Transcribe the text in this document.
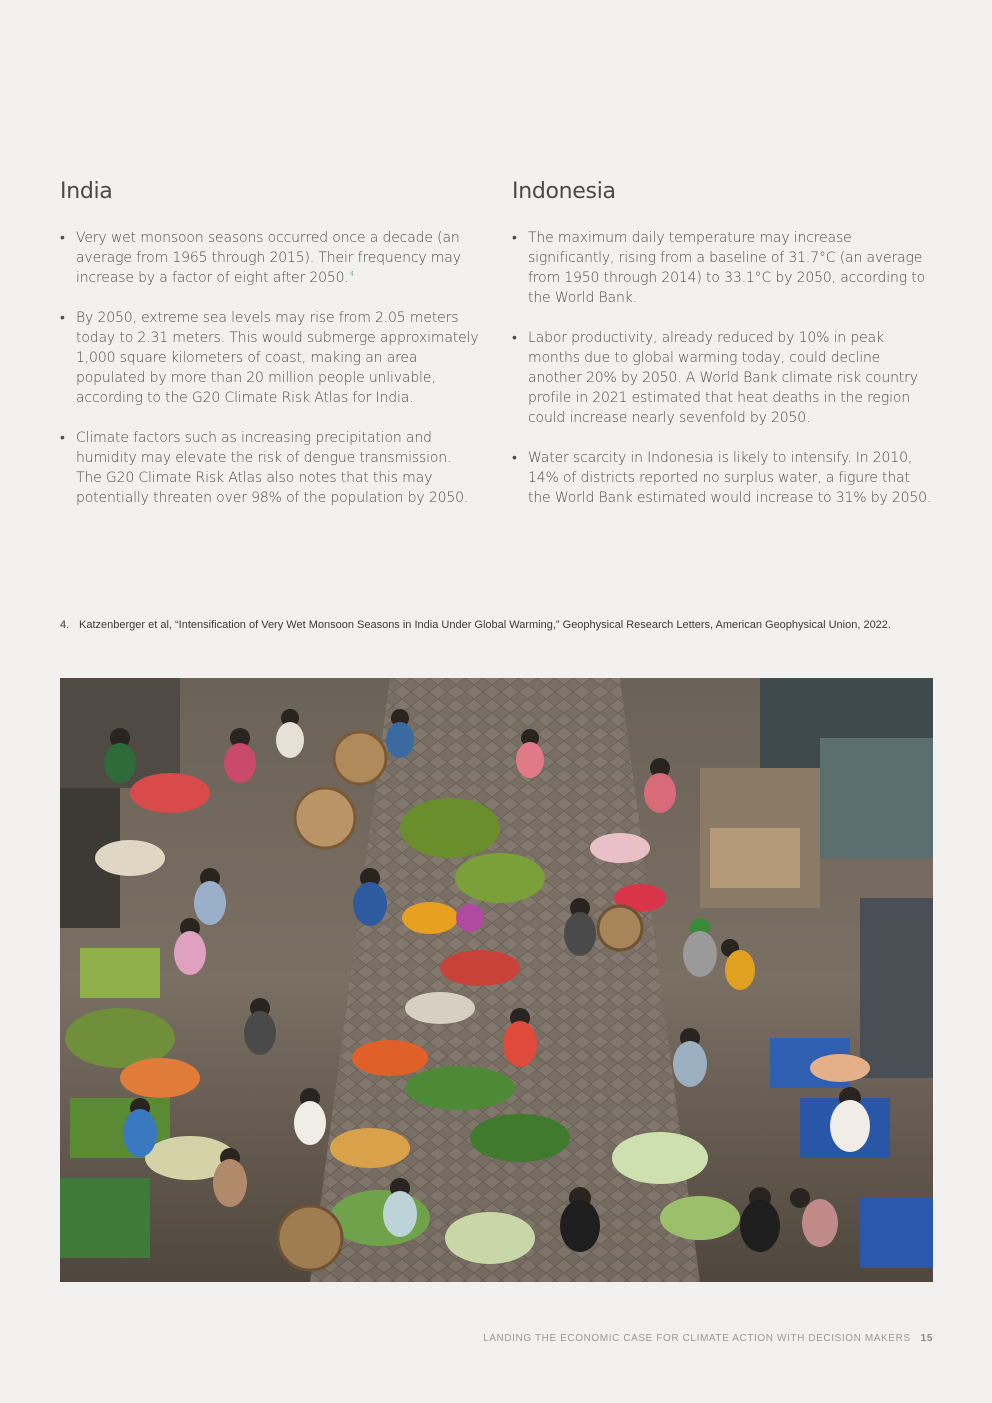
India
• Very wet monsoon seasons occurred once a decade (an average from 1965 through 2015). Their frequency may increase by a factor of eight after 2050.$^4$
• By 2050, extreme sea levels may rise from 2.05 meters today to 2.31 meters. This would submerge approximately 1,000 square kilometers of coast, making an area populated by more than 20 million people unlivable, according to the G20 Climate Risk Atlas for India.
• Climate factors such as increasing precipitation and humidity may elevate the risk of dengue transmission. The G20 Climate Risk Atlas also notes that this may potentially threaten over 98% of the population by 2050.
Indonesia
• The maximum daily temperature may increase significantly, rising from a baseline of 31.7°C (an average from 1950 through 2014) to 33.1°C by 2050, according to the World Bank.
• Labor productivity, already reduced by 10% in peak months due to global warming today, could decline another 20% by 2050. A World Bank climate risk country profile in 2021 estimated that heat deaths in the region could increase nearly sevenfold by 2050.
• Water scarcity in Indonesia is likely to intensify. In 2010, 14% of districts reported no surplus water, a figure that the World Bank estimated would increase to 31% by 2050.
4. Katzenberger et al, “Intensification of Very Wet Monsoon Seasons in India Under Global Warming,” Geophysical Research Letters, American Geophysical Union, 2022.
LANDING THE ECONOMIC CASE FOR CLIMATE ACTION WITH DECISION MAKERS 15
